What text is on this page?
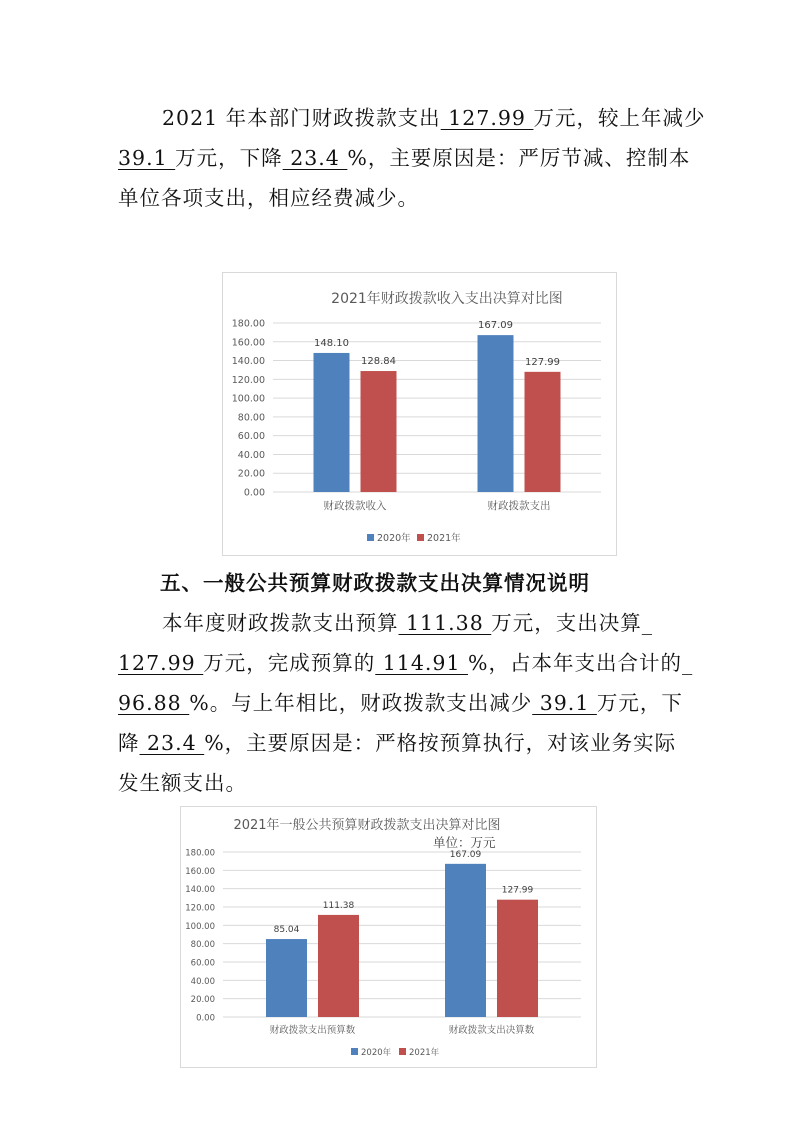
2021 年本部门财政拨款支出 127.99 万元，较上年减少
39.1 万元，下降 23.4 %，主要原因是：严厉节减、控制本
单位各项支出，相应经费减少。
2021年财政拨款收入支出决算对比图
0.00
20.00
40.00
60.00
80.00
100.00
120.00
140.00
160.00
180.00
148.10
128.84
财政拨款收入
167.09
127.99
财政拨款支出
2020年 2021年
五、一般公共预算财政拨款支出决算情况说明
本年度财政拨款支出预算 111.38 万元，支出决算_
127.99 万元，完成预算的 114.91 %，占本年支出合计的_
96.88 %。与上年相比，财政拨款支出减少 39.1 万元，下
降 23.4 %，主要原因是：严格按预算执行，对该业务实际
发生额支出。
2021年一般公共预算财政拨款支出决算对比图
单位：万元
0.00
20.00
40.00
60.00
80.00
100.00
120.00
140.00
160.00
180.00
85.04
111.38
财政拨款支出预算数
167.09
127.99
财政拨款支出决算数
2020年 2021年
